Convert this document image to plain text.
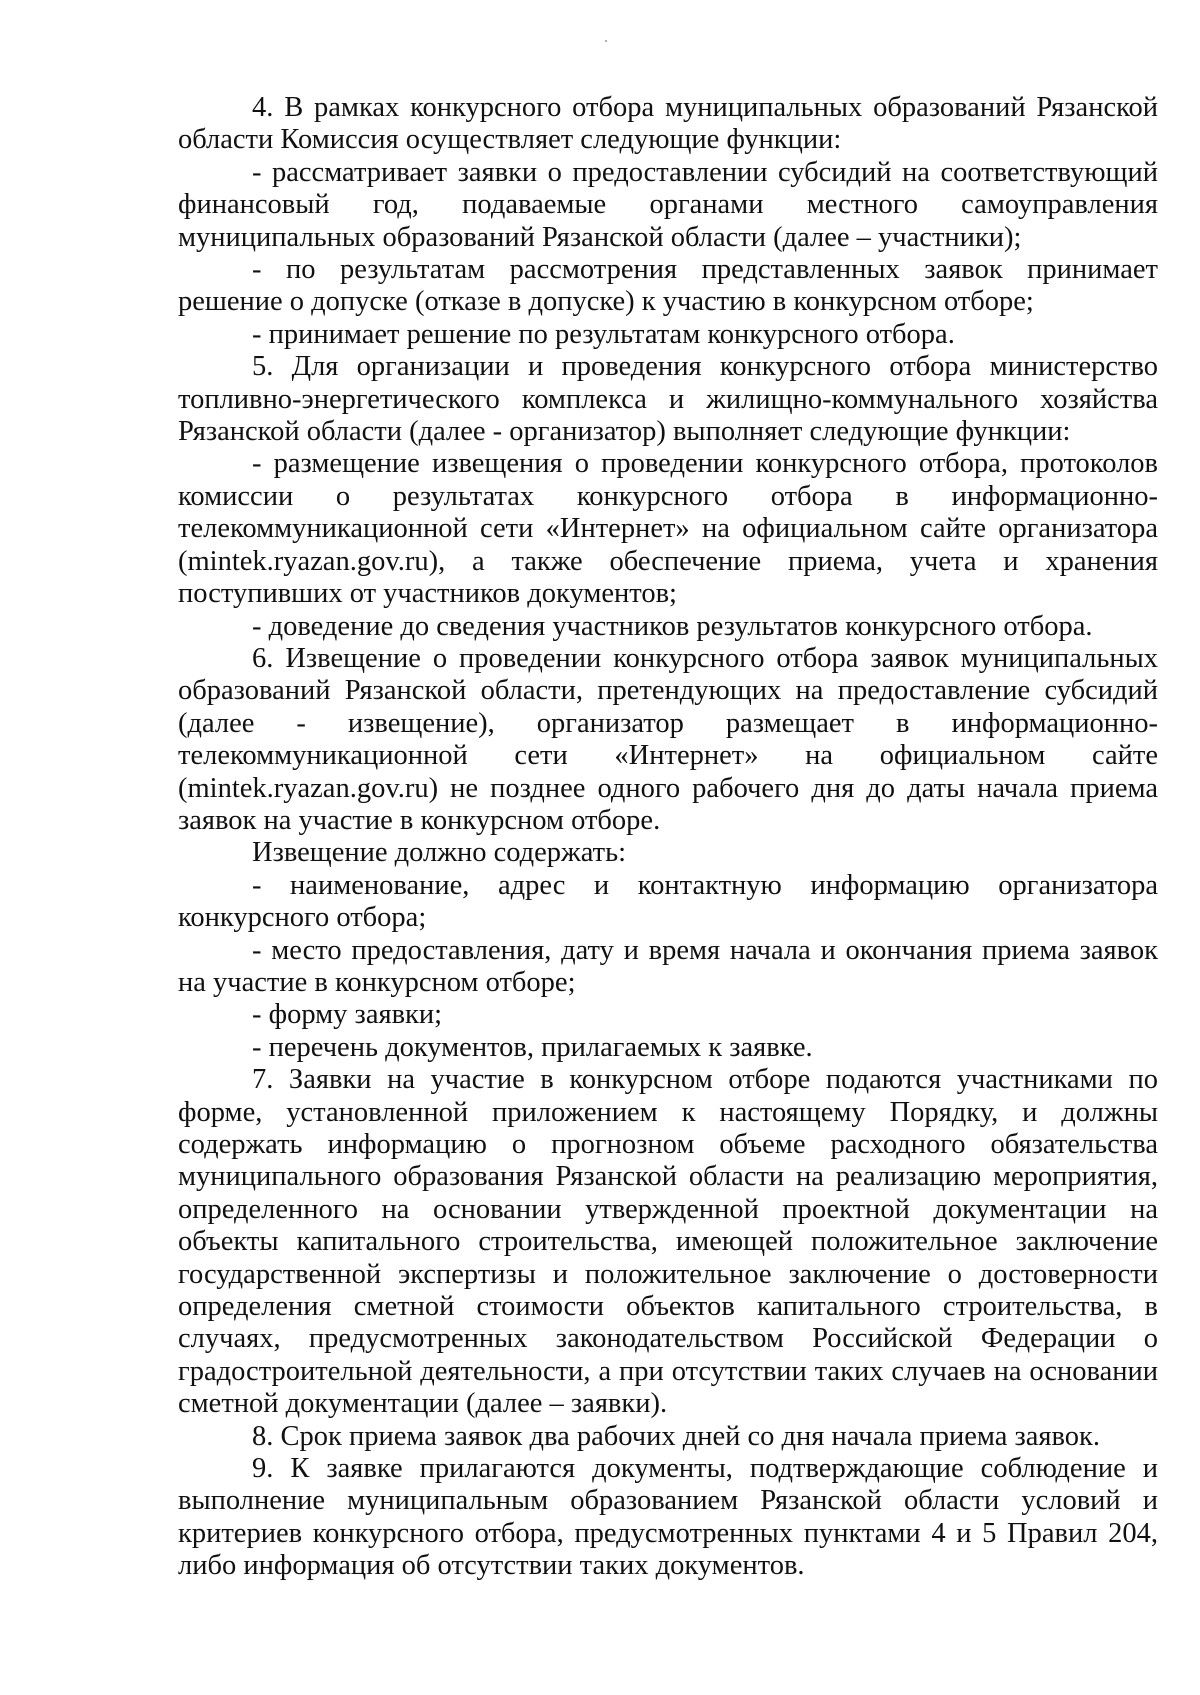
4. В рамках конкурсного отбора муниципальных образований Рязанской области Комиссия осуществляет следующие функции:

- рассматривает заявки о предоставлении субсидий на соответствующий финансовый год, подаваемые органами местного самоуправления муниципальных образований Рязанской области (далее – участники);

- по результатам рассмотрения представленных заявок принимает решение о допуске (отказе в допуске) к участию в конкурсном отборе;

- принимает решение по результатам конкурсного отбора.

5. Для организации и проведения конкурсного отбора министерство топливно-энергетического комплекса и жилищно-коммунального хозяйства Рязанской области (далее - организатор) выполняет следующие функции:

- размещение извещения о проведении конкурсного отбора, протоколов комиссии о результатах конкурсного отбора в информационно-телекоммуникационной сети «Интернет» на официальном сайте организатора (mintek.ryazan.gov.ru), а также обеспечение приема, учета и хранения поступивших от участников документов;

- доведение до сведения участников результатов конкурсного отбора.

6. Извещение о проведении конкурсного отбора заявок муниципальных образований Рязанской области, претендующих на предоставление субсидий (далее - извещение), организатор размещает в информационно-телекоммуникационной сети «Интернет» на официальном сайте (mintek.ryazan.gov.ru) не позднее одного рабочего дня до даты начала приема заявок на участие в конкурсном отборе.

Извещение должно содержать:

- наименование, адрес и контактную информацию организатора конкурсного отбора;

- место предоставления, дату и время начала и окончания приема заявок на участие в конкурсном отборе;

- форму заявки;

- перечень документов, прилагаемых к заявке.

7. Заявки на участие в конкурсном отборе подаются участниками по форме, установленной приложением к настоящему Порядку, и должны содержать информацию о прогнозном объеме расходного обязательства муниципального образования Рязанской области на реализацию мероприятия, определенного на основании утвержденной проектной документации на объекты капитального строительства, имеющей положительное заключение государственной экспертизы и положительное заключение о достоверности определения сметной стоимости объектов капитального строительства, в случаях, предусмотренных законодательством Российской Федерации о градостроительной деятельности, а при отсутствии таких случаев на основании сметной документации (далее – заявки).

8. Срок приема заявок два рабочих дней со дня начала приема заявок.

9. К заявке прилагаются документы, подтверждающие соблюдение и выполнение муниципальным образованием Рязанской области условий и критериев конкурсного отбора, предусмотренных пунктами 4 и 5 Правил 204, либо информация об отсутствии таких документов.
